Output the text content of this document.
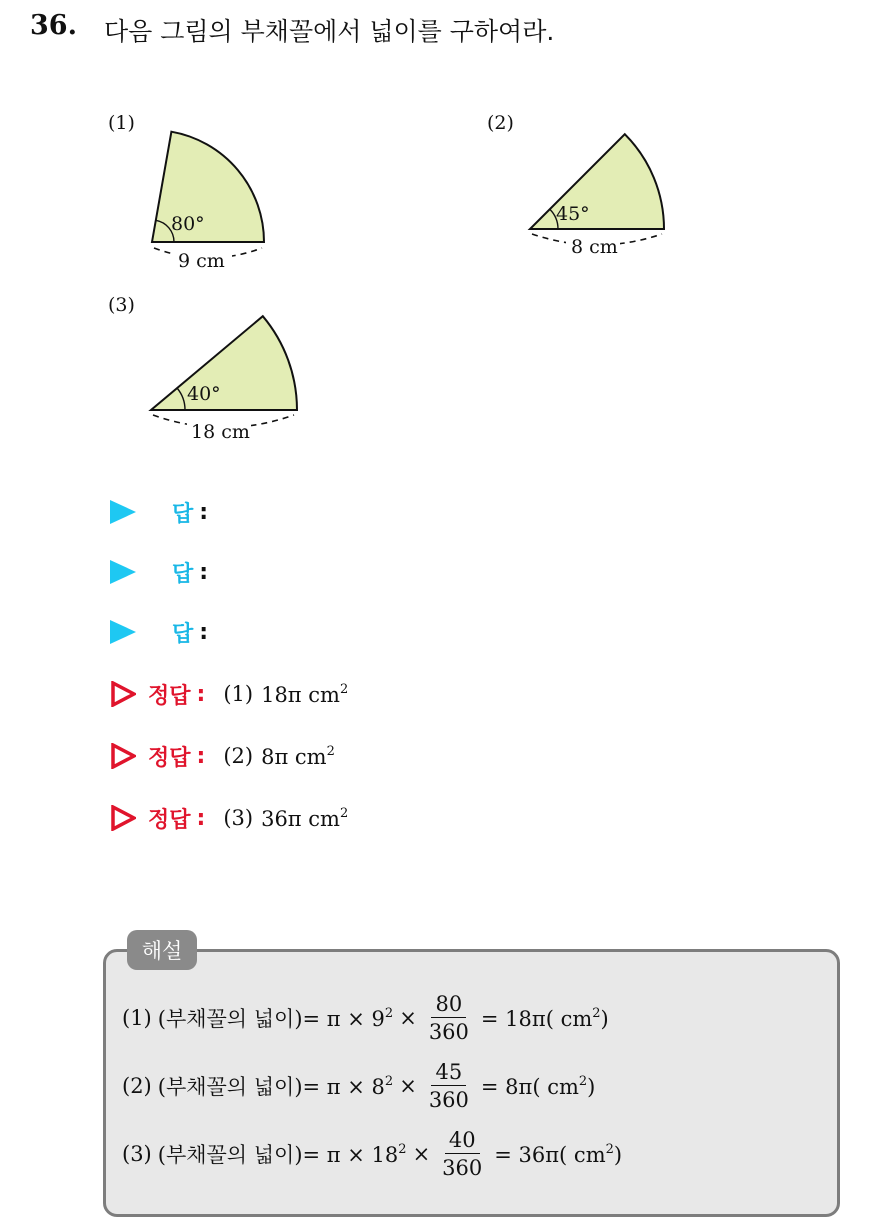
36. 다음 그림의 부채꼴에서 넓이를 구하여라.
(1)	(2)
(3)
80°
9 cm
45°
8 cm
40°
18 cm
답 :
답 :
답 :
정답 : (1) 18π $cm^2$
정답 : (2) 8π $cm^2$
정답 : (3) 36π $cm^2$
해설
(1) (부채꼴의 넓이)= $\pi \times 9^2 \times \frac{80}{360} = 18\pi$( $cm^2$)
(2) (부채꼴의 넓이)= $\pi \times 8^2 \times \frac{45}{360} = 8\pi$( $cm^2$)
(3) (부채꼴의 넓이)= $\pi \times 18^2 \times \frac{40}{360} = 36\pi$( $cm^2$)
